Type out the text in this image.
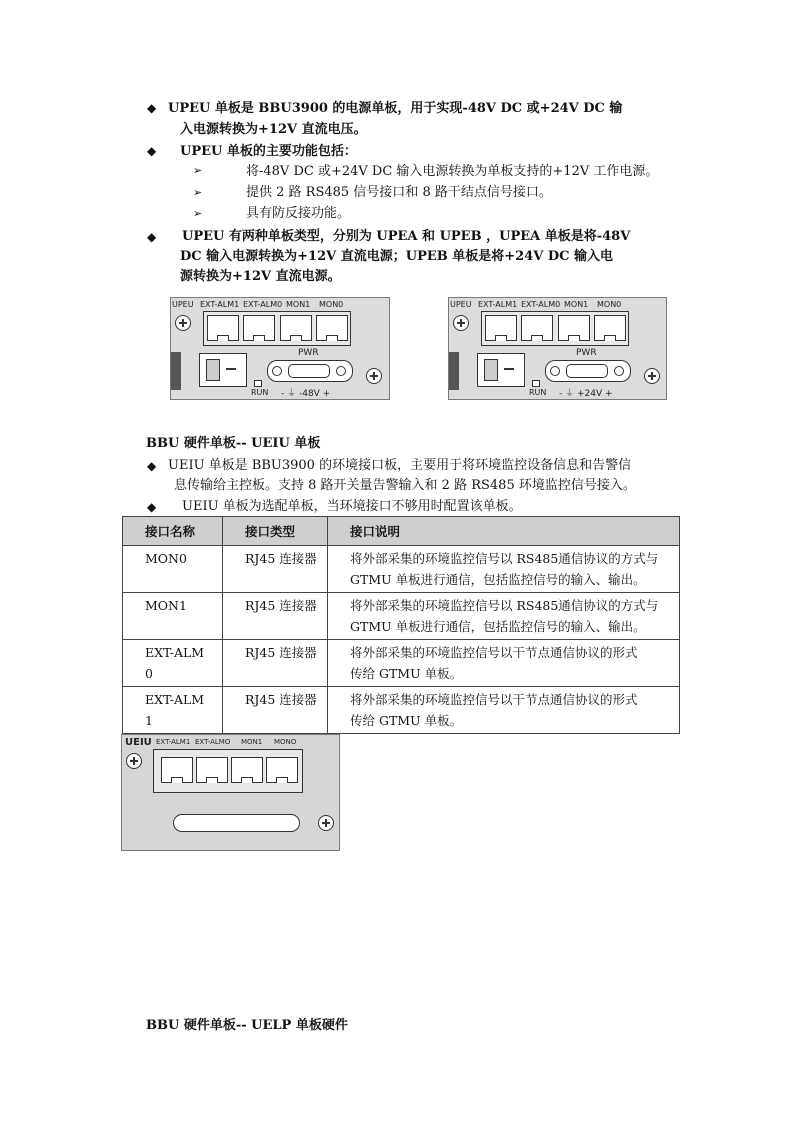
◆ UPEU 单板是 BBU3900 的电源单板，用于实现-48V DC 或+24V DC 输
入电源转换为+12V 直流电压。
◆ UPEU 单板的主要功能包括：
➢	将-48V DC 或+24V DC 输入电源转换为单板支持的+12V 工作电源。
➢	提供 2 路 RS485 信号接口和 8 路干结点信号接口。
➢	具有防反接功能。
◆ UPEU 有两种单板类型，分别为 UPEA 和 UPEB ，UPEA 单板是将-48V
DC 输入电源转换为+12V 直流电源；UPEB 单板是将+24V DC 输入电
源转换为+12V 直流电源。
UPEU EXT-ALM1 EXT-ALM0 MON1 MON0
RUN
PWR
- ⏚ -48V +
UPEU EXT-ALM1 EXT-ALM0 MON1 MON0
RUN
PWR
- ⏚ +24V +
BBU 硬件单板-- UEIU 单板
◆ UEIU 单板是 BBU3900 的环境接口板，主要用于将环境监控设备信息和告警信
息传输给主控板。支持 8 路开关量告警输入和 2 路 RS485 环境监控信号接入。
◆ UEIU 单板为选配单板，当环境接口不够用时配置该单板。
接口名称	接口类型	接口说明
MON0	RJ45 连接器	将外部采集的环境监控信号以 RS485通信协议的方式与
GTMU 单板进行通信，包括监控信号的输入、输出。
MON1	RJ45 连接器	将外部采集的环境监控信号以 RS485通信协议的方式与
GTMU 单板进行通信，包括监控信号的输入、输出。
EXT-ALM
0	RJ45 连接器	将外部采集的环境监控信号以干节点通信协议的形式
传给 GTMU 单板。
EXT-ALM
1	RJ45 连接器	将外部采集的环境监控信号以干节点通信协议的形式
传给 GTMU 单板。
UEIU EXT-ALM1 EXT-ALMO MON1 MONO
BBU 硬件单板-- UELP 单板硬件
